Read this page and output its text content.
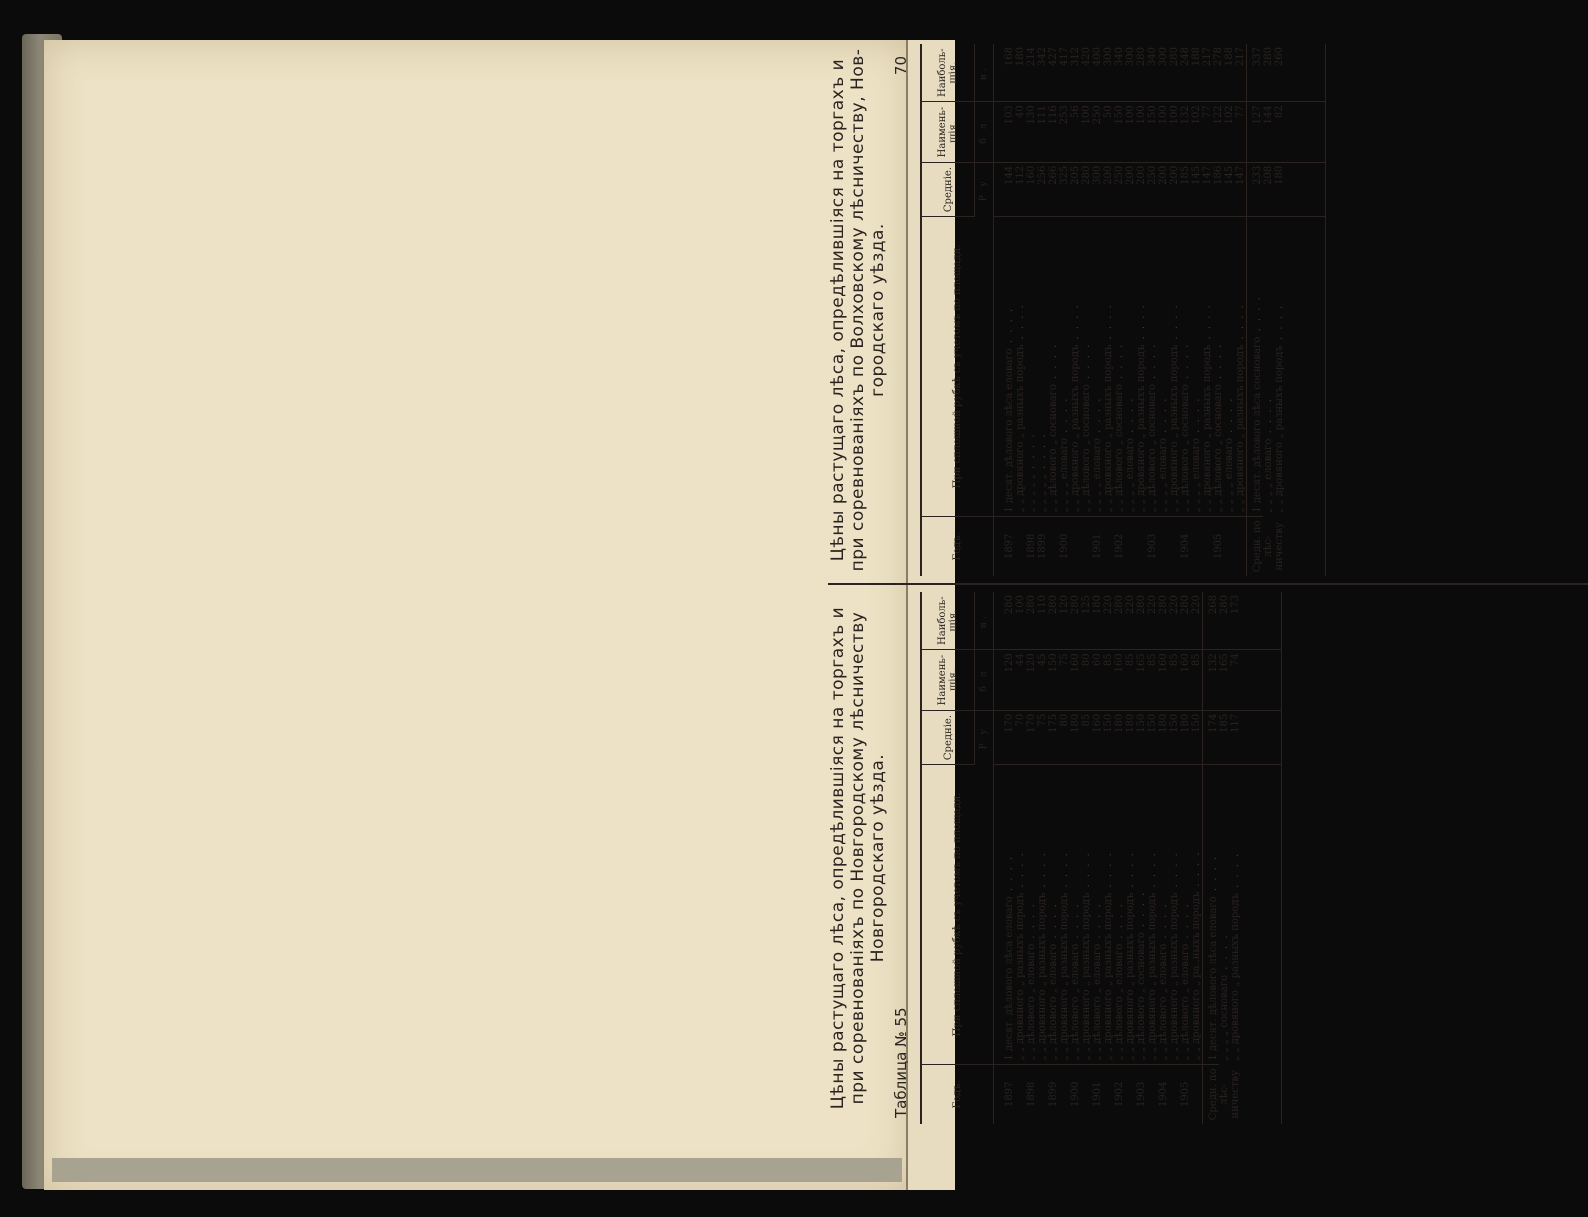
Цѣны растущаго лѣса, опредѣлившіяся на торгахъ и
при соревнованіяхъ по Новгородскому лѣсничеству
Новгородскаго уѣзда.

Таблица № 55	Годъ.	При сплошной рубкѣ съ учетомъ по площади.	Средніе.	Наимень-шія.	Наиболь-шія.
		Р у	б л	и.

1897	1 десят. дѣлового лѣса еловаго . . . .	170	120	280
	„ „ дровяного „ разныхъ породъ . . . .	70	44	100
1898	„ „ дѣлового „ еловаго . . . .	170	120	280
	„ „ дровяного „ разныхъ породъ . . . .	75	45	110
1899	„ „ дѣлового „ еловаго . . . .	175	150	280
	„ „ дровяного „ разныхъ породъ . . . .	80	75	120
1900	„ „ дѣлового „ еловаго . . . .	180	160	280
	„ „ дровяного „ разныхъ породъ . . . .	85	80	125
1901	„ „ дѣлового „ еловаго . . . .	160	60	180
	„ „ дровяного „ разныхъ породъ . . . .	150	85	220
1902	„ „ дѣлового „ еловаго . . . .	180	160	280
	„ „ дровяного „ разныхъ породъ . . . .	180	85	220
1903	„ „ дѣлового „ сосноваго . . . .	150	165	280
	„ „ дровяного „ разныхъ породъ . . . .	150	85	220
1904	„ „ дѣлового „ еловаго . . . .	180	160	280
	„ „ дровяного „ разныхъ породъ . . . .	150	85	220
1905	„ „ дѣлового „ еловаго . . . .	180	160	280
	„ „ дровяного „ ра..ныхъ породъ . . . .	150	85	220
Средн. по лѣс-ничеству	1 десят. дѣлового лѣса еловаго . . . .	174	132	268
	„ „ „ „ сосноваго . . . .	185	165	280
	„ „ дровяного „ разныхъ породъ . . . .	117	74	173

Цѣны растущаго лѣса, опредѣлившіяся на торгахъ и
при соревнованіяхъ по Волховскому лѣсничеству, Нов-
городскаго уѣзда.

70
Годъ.	При сплошной рубкѣ съ учетомъ по площади.	Средніе.	Наимень-шія.	Наиболь-шія.
		Р у	б л	и.

1897	1 десят. дѣлового лѣса еловаго . . . .	144	103	168
	„ „ дровяного „ разныхъ породъ . . . .	112	40	180
1898	„ „ „ „ „ . . . .	160	130	214
1899	„ „ „ „ „ . . . .	256	111	342
	„ „ дѣлового „ сосноваго . . . .	266	116	427
1900	„ „ „ „ еловаго . . . .	325	253	417
	„ „ дровяного „ разныхъ породъ . . . .	205	56	312
	„ „ дѣлового „ сосноваго . . . .	280	100	420
1901	„ „ „ „ еловаго . . . .	300	250	400
	„ „ дровяного „ разныхъ породъ . . . .	200	50	300
1902	„ „ дѣлового „ сосноваго . . . .	250	150	340
	„ „ „ „ еловаго . . . .	200	100	300
	„ „ дровяного „ разныхъ породъ . . . .	200	100	280
1903	„ „ дѣлового „ сосноваго . . . .	250	150	340
	„ „ „ „ еловаго . . . .	200	100	300
	„ „ дровяного „ разныхъ породъ . . . .	200	100	280
1904	„ „ дѣлового „ сосноваго . . . .	185	132	248
	„ „ „ „ еловаго . . . .	145	102	188
	„ „ дровяного „ разныхъ породъ . . . .	147	77	217
1905	„ „ дѣлового „ сосноваго . . . .	186	122	278
	„ „ „ „ еловаго . . . .	145	102	188
	„ „ дровяного „ разныхъ породъ . . . .	147	77	217
Средн. по лѣс-ничеству	1 десят. дѣлового лѣса сосноваго . . . .	233	127	337
	„ „ „ „ еловаго . . . .	208	144	280
	„ „ дровяного „ разныхъ породъ . . . .	180	82	260
